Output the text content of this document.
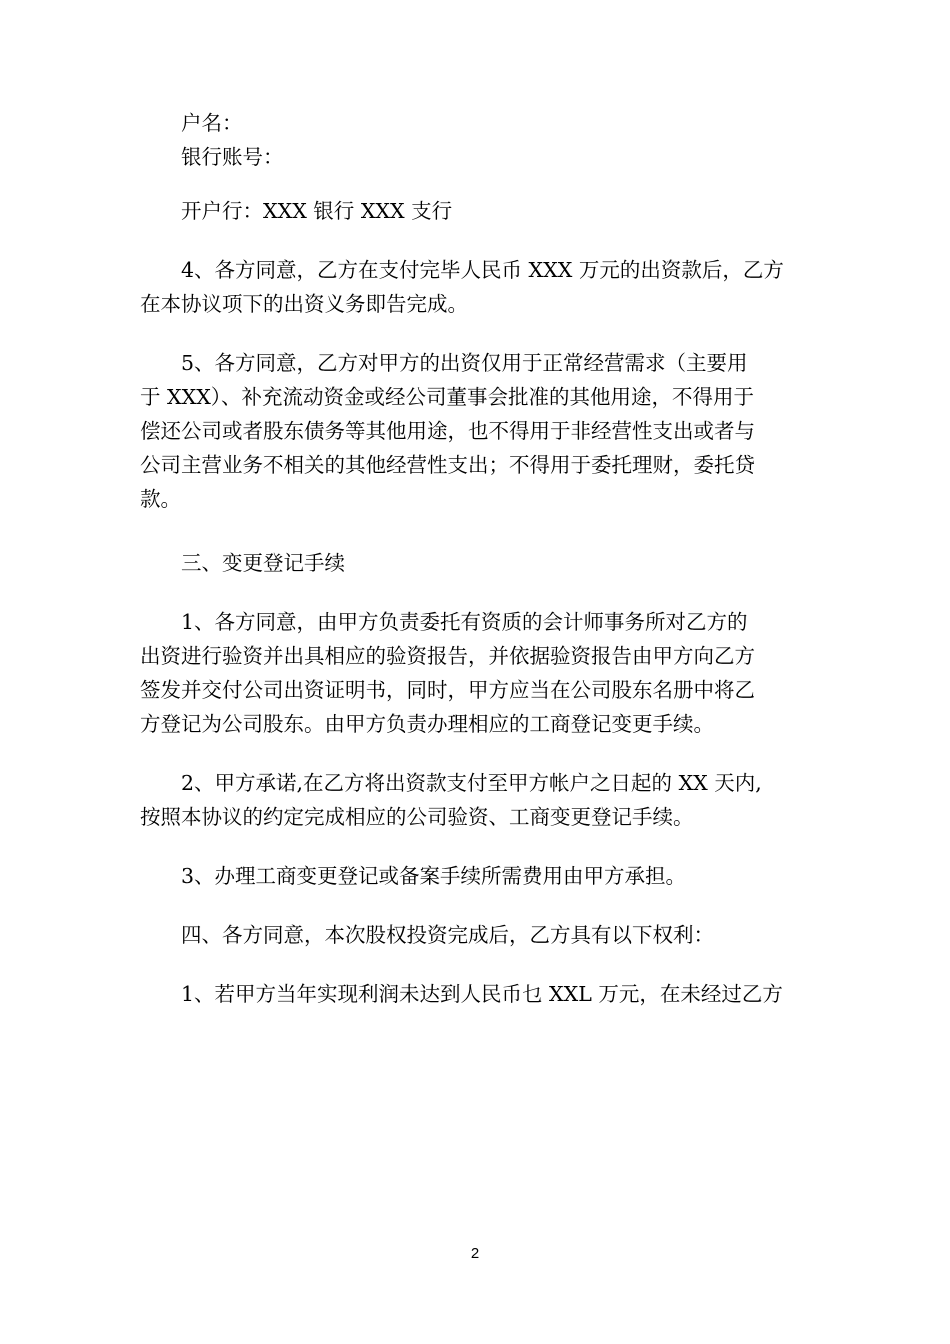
户名：

银行账号：

开户行：XXX 银行 XXX 支行

4、各方同意，乙方在支付完毕人民币 XXX 万元的出资款后，乙方

在本协议项下的出资义务即告完成。

5、各方同意，乙方对甲方的出资仅用于正常经营需求（主要用

于 XXX）、补充流动资金或经公司董事会批准的其他用途，不得用于

偿还公司或者股东债务等其他用途，也不得用于非经营性支出或者与

公司主营业务不相关的其他经营性支出；不得用于委托理财，委托贷

款。

三、变更登记手续

1、各方同意，由甲方负责委托有资质的会计师事务所对乙方的

出资进行验资并出具相应的验资报告，并依据验资报告由甲方向乙方

签发并交付公司出资证明书，同时，甲方应当在公司股东名册中将乙

方登记为公司股东。由甲方负责办理相应的工商登记变更手续。

2、甲方承诺,在乙方将出资款支付至甲方帐户之日起的 XX 天内,

按照本协议的约定完成相应的公司验资、工商变更登记手续。

3、办理工商变更登记或备案手续所需费用由甲方承担。

四、各方同意，本次股权投资完成后，乙方具有以下权利：

1、若甲方当年实现利润未达到人民币乜 XXL 万元，在未经过乙方

2
